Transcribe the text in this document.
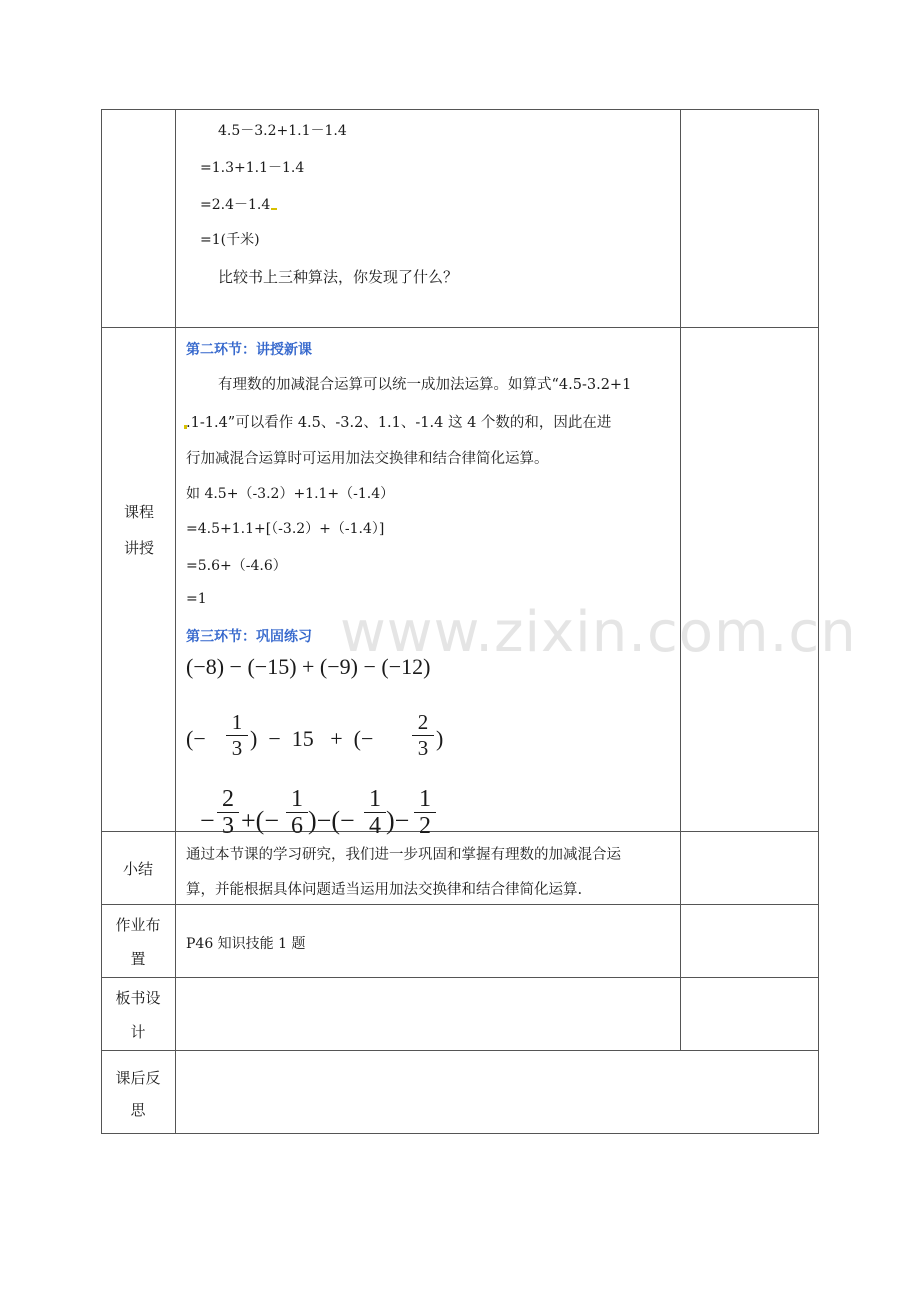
课程讲授
小结
作业布置
板书设计
课后反思
4.5－3.2+1.1－1.4
=1.3+1.1－1.4
=2.4－1.4
=1(千米)
比较书上三种算法，你发现了什么？
第二环节：讲授新课
有理数的加减混合运算可以统一成加法运算。如算式“4.5-3.2+1
.1-1.4”可以看作 4.5、-3.2、1.1、-1.4 这 4 个数的和，因此在进
行加减混合运算时可运用加法交换律和结合律简化运算。
如 4.5+（-3.2）+1.1+（-1.4）
=4.5+1.1+[（-3.2）+（-1.4）]
=5.6+（-4.6）
=1
第三环节：巩固练习
(−8) − (−15) + (−9) − (−12)
(−
1
3 )  −  15   +  (−
2
3 )
−
2
3 +(−
1
6 )−(−
1
4 )−
1
2
通过本节课的学习研究，我们进一步巩固和掌握有理数的加减混合运
算，并能根据具体问题适当运用加法交换律和结合律简化运算.
P46 知识技能 1 题
www.zixin.com.cn
